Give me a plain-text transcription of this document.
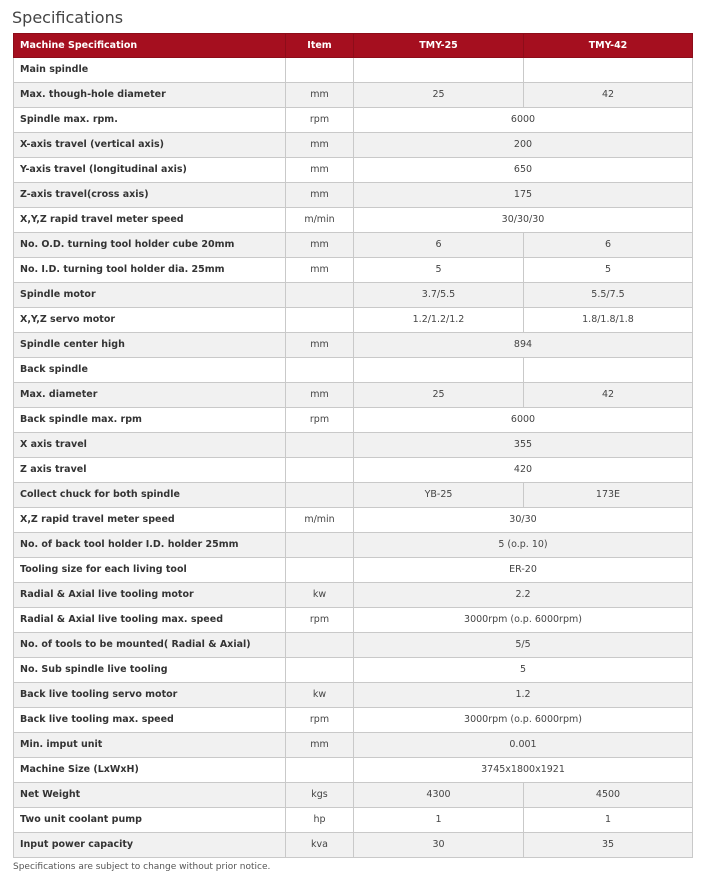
Specifications
Machine Specification	Item	TMY-25	TMY-42
Main spindle			
Max. though-hole diameter	mm	25	42
Spindle max. rpm.	rpm	6000	
X-axis travel (vertical axis)	mm	200	
Y-axis travel (longitudinal axis)	mm	650	
Z-axis travel(cross axis)	mm	175	
X,Y,Z rapid travel meter speed	m/min	30/30/30	
No. O.D. turning tool holder cube 20mm	mm	6	6
No. I.D. turning tool holder dia. 25mm	mm	5	5
Spindle motor		3.7/5.5	5.5/7.5
X,Y,Z servo motor		1.2/1.2/1.2	1.8/1.8/1.8
Spindle center high	mm	894	
Back spindle			
Max. diameter	mm	25	42
Back spindle max. rpm	rpm	6000	
X axis travel		355	
Z axis travel		420	
Collect chuck for both spindle		YB-25	173E
X,Z rapid travel meter speed	m/min	30/30	
No. of back tool holder I.D. holder 25mm		5 (o.p. 10)	
Tooling size for each living tool		ER-20	
Radial & Axial live tooling motor	kw	2.2	
Radial & Axial live tooling max. speed	rpm	3000rpm (o.p. 6000rpm)	
No. of tools to be mounted( Radial & Axial)		5/5	
No. Sub spindle live tooling		5	
Back live tooling servo motor	kw	1.2	
Back live tooling max. speed	rpm	3000rpm (o.p. 6000rpm)	
Min. imput unit	mm	0.001	
Machine Size (LxWxH)		3745x1800x1921	
Net Weight	kgs	4300	4500
Two unit coolant pump	hp	1	1
Input power capacity	kva	30	35
Specifications are subject to change without prior notice.
